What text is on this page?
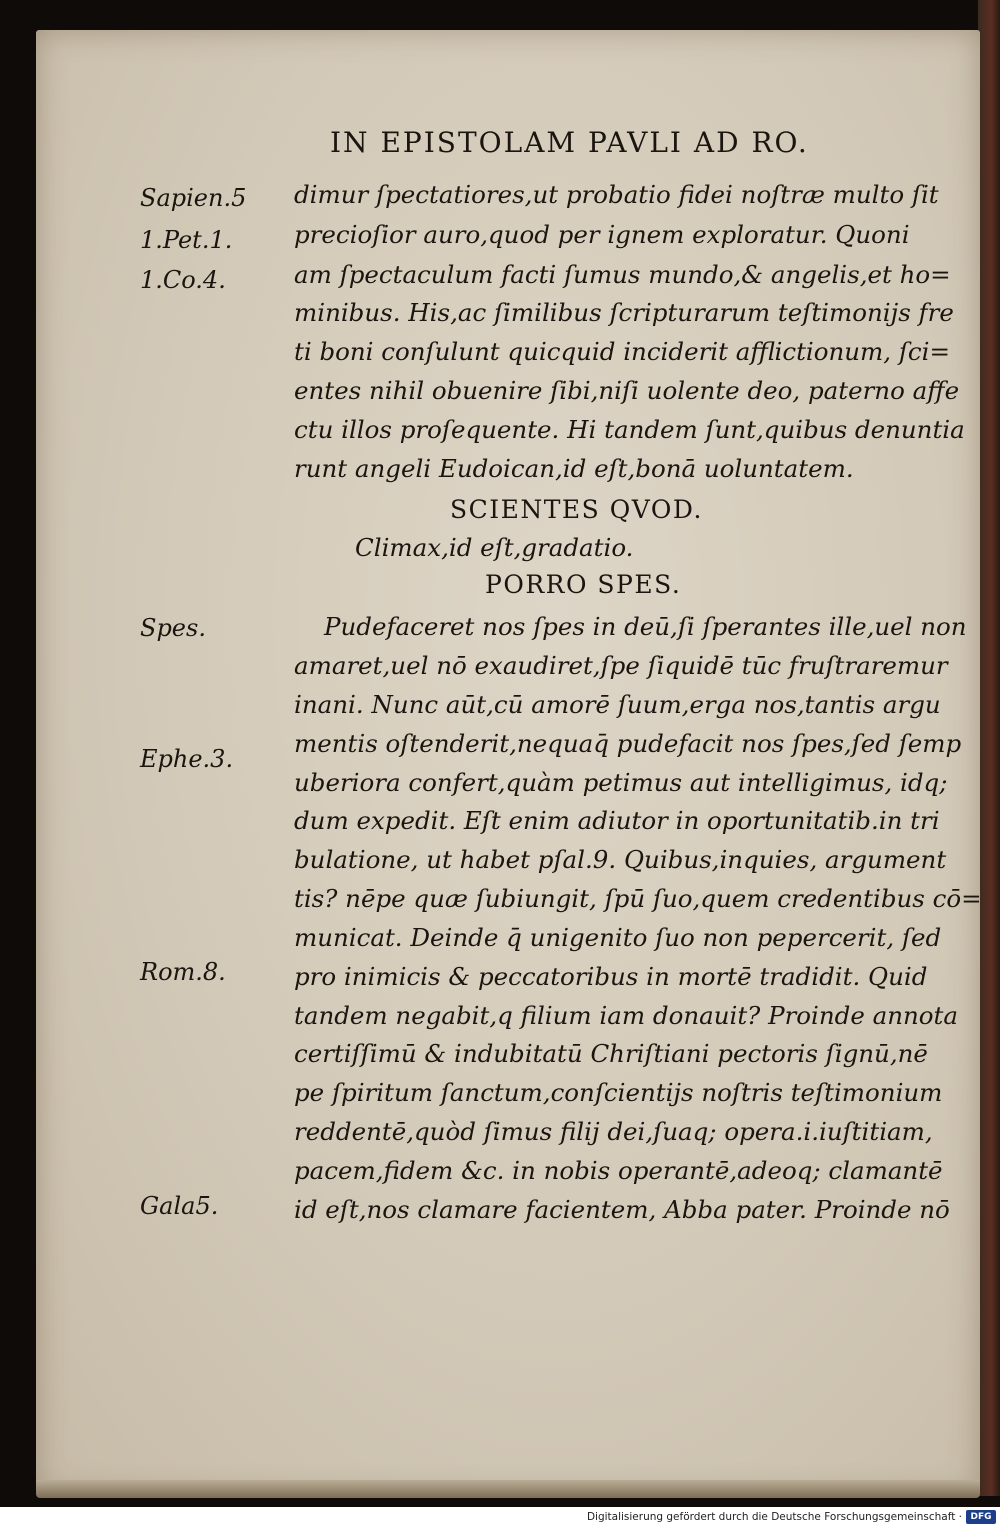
IN EPISTOLAM PAVLI AD RO.
Sapien.5
1.Pet.1.
1.Co.4.
Spes.
Ephe.3.
Rom.8.
Gala5.
dimur ſpectatiores,ut probatio fidei noſtræ multo ſit
precioſior auro,quod per ignem exploratur. Quoni
am ſpectaculum facti ſumus mundo,& angelis,et ho=
minibus. His,ac ſimilibus ſcripturarum teſtimonijs fre
ti boni conſulunt quicquid inciderit afflictionum, ſci=
entes nihil obuenire ſibi,niſi uolente deo, paterno affe
ctu illos proſequente. Hi tandem ſunt,quibus denuntia
runt angeli Eudoican,id eſt,bonā uoluntatem.
SCIENTES QVOD.
Climax,id eſt,gradatio.
PORRO SPES.
Pudefaceret nos ſpes in deū,ſi ſperantes ille,uel non
amaret,uel nō exaudiret,ſpe ſiquidē tūc fruſtraremur
inani. Nunc aūt,cū amorē ſuum,erga nos,tantis argu
mentis oſtenderit,nequaq̄ pudefacit nos ſpes,ſed ſemp
uberiora confert,quàm petimus aut intelligimus, idq;
dum expedit. Eſt enim adiutor in oportunitatib.in tri
bulatione, ut habet pſal.9. Quibus,inquies, argument
tis? nēpe quæ ſubiungit, ſpū ſuo,quem credentibus cō=
municat. Deinde q̄ unigenito ſuo non pepercerit, ſed
pro inimicis & peccatoribus in mortē tradidit. Quid
tandem negabit,q filium iam donauit? Proinde annota
certiſſimū & indubitatū Chriſtiani pectoris ſignū,nē
pe ſpiritum ſanctum,conſcientijs noſtris teſtimonium
reddentē,quòd ſimus filij dei,ſuaq; opera.i.iuſtitiam,
pacem,fidem &c. in nobis operantē,adeoq; clamantē
id eſt,nos clamare facientem, Abba pater. Proinde nō
Digitalisierung gefördert durch die Deutsche Forschungsgemeinschaft · DFG
